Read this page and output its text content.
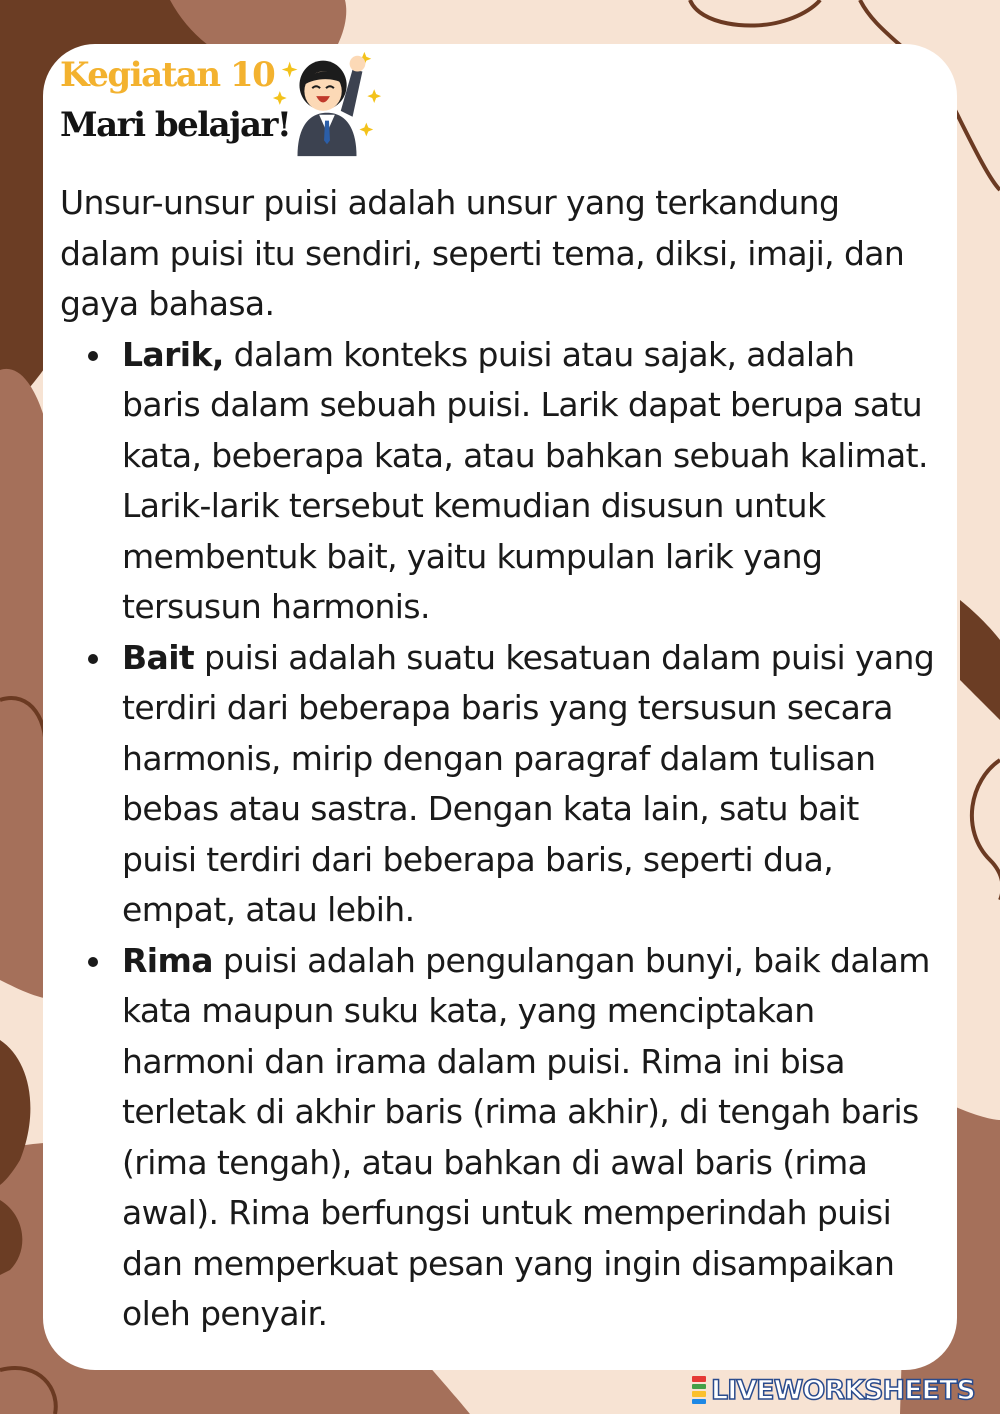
Kegiatan 10
Mari belajar!

Unsur-unsur puisi adalah unsur yang terkandung dalam puisi itu sendiri, seperti tema, diksi, imaji, dan gaya bahasa.

Larik, dalam konteks puisi atau sajak, adalah baris dalam sebuah puisi. Larik dapat berupa satu kata, beberapa kata, atau bahkan sebuah kalimat. Larik-larik tersebut kemudian disusun untuk membentuk bait, yaitu kumpulan larik yang tersusun harmonis.
Bait puisi adalah suatu kesatuan dalam puisi yang terdiri dari beberapa baris yang tersusun secara harmonis, mirip dengan paragraf dalam tulisan bebas atau sastra. Dengan kata lain, satu bait puisi terdiri dari beberapa baris, seperti dua, empat, atau lebih.
Rima puisi adalah pengulangan bunyi, baik dalam kata maupun suku kata, yang menciptakan harmoni dan irama dalam puisi. Rima ini bisa terletak di akhir baris (rima akhir), di tengah baris (rima tengah), atau bahkan di awal baris (rima awal). Rima berfungsi untuk memperindah puisi dan memperkuat pesan yang ingin disampaikan oleh penyair.
LIVEWORKSHEETS
